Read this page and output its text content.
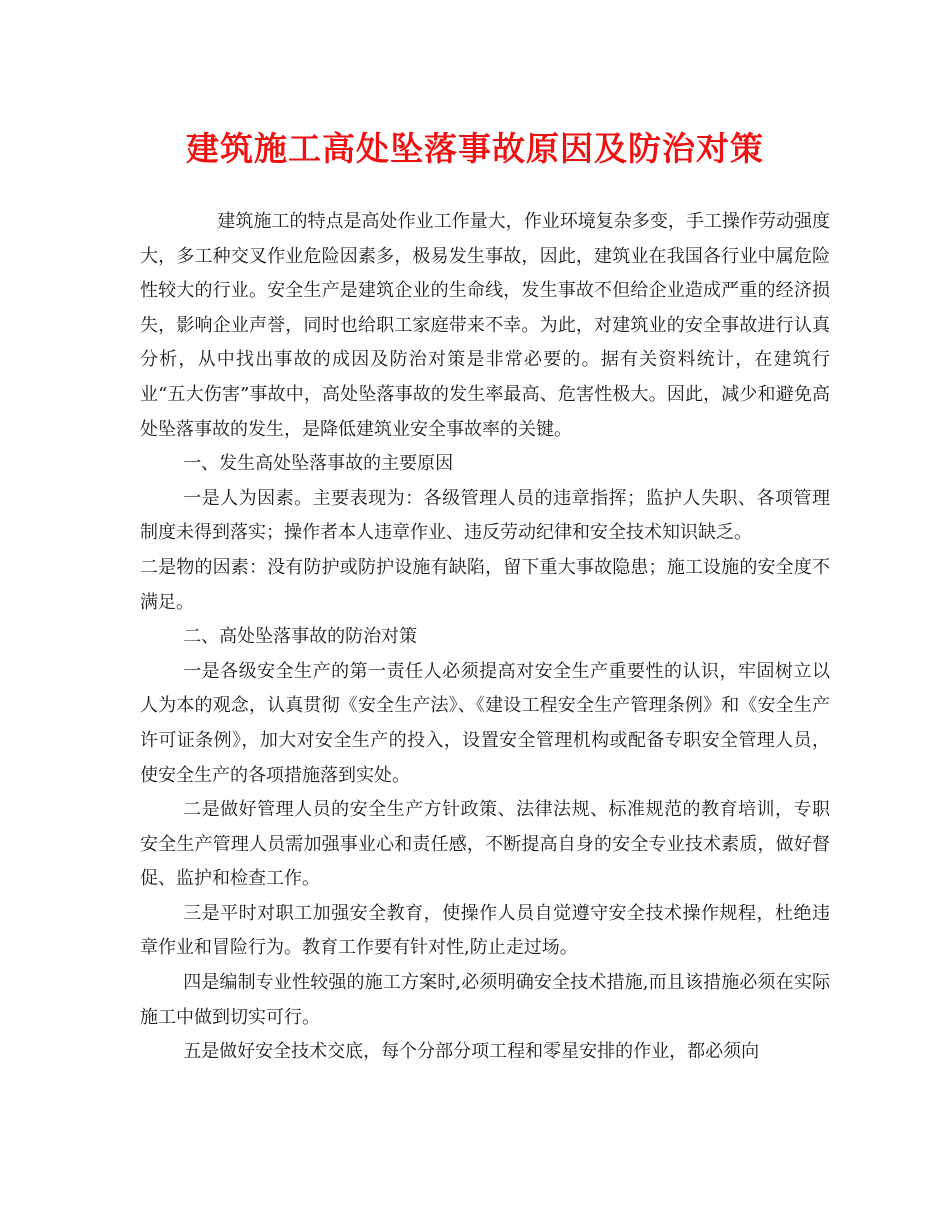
建筑施工高处坠落事故原因及防治对策

建筑施工的特点是高处作业工作量大，作业环境复杂多变，手工操作劳动强度大，多工种交叉作业危险因素多，极易发生事故，因此，建筑业在我国各行业中属危险性较大的行业。安全生产是建筑企业的生命线，发生事故不但给企业造成严重的经济损失，影响企业声誉，同时也给职工家庭带来不幸。为此，对建筑业的安全事故进行认真分析，从中找出事故的成因及防治对策是非常必要的。据有关资料统计，在建筑行业“五大伤害”事故中，高处坠落事故的发生率最高、危害性极大。因此，减少和避免高处坠落事故的发生，是降低建筑业安全事故率的关键。

一、发生高处坠落事故的主要原因

一是人为因素。主要表现为：各级管理人员的违章指挥；监护人失职、各项管理制度未得到落实；操作者本人违章作业、违反劳动纪律和安全技术知识缺乏。

二是物的因素：没有防护或防护设施有缺陷，留下重大事故隐患；施工设施的安全度不满足。

二、高处坠落事故的防治对策

一是各级安全生产的第一责任人必须提高对安全生产重要性的认识，牢固树立以人为本的观念，认真贯彻《安全生产法》、《建设工程安全生产管理条例》和《安全生产许可证条例》，加大对安全生产的投入，设置安全管理机构或配备专职安全管理人员，使安全生产的各项措施落到实处。

二是做好管理人员的安全生产方针政策、法律法规、标准规范的教育培训，专职安全生产管理人员需加强事业心和责任感，不断提高自身的安全专业技术素质，做好督促、监护和检查工作。

三是平时对职工加强安全教育，使操作人员自觉遵守安全技术操作规程，杜绝违章作业和冒险行为。教育工作要有针对性,防止走过场。

四是编制专业性较强的施工方案时,必须明确安全技术措施,而且该措施必须在实际施工中做到切实可行。

五是做好安全技术交底，每个分部分项工程和零星安排的作业，都必须向
